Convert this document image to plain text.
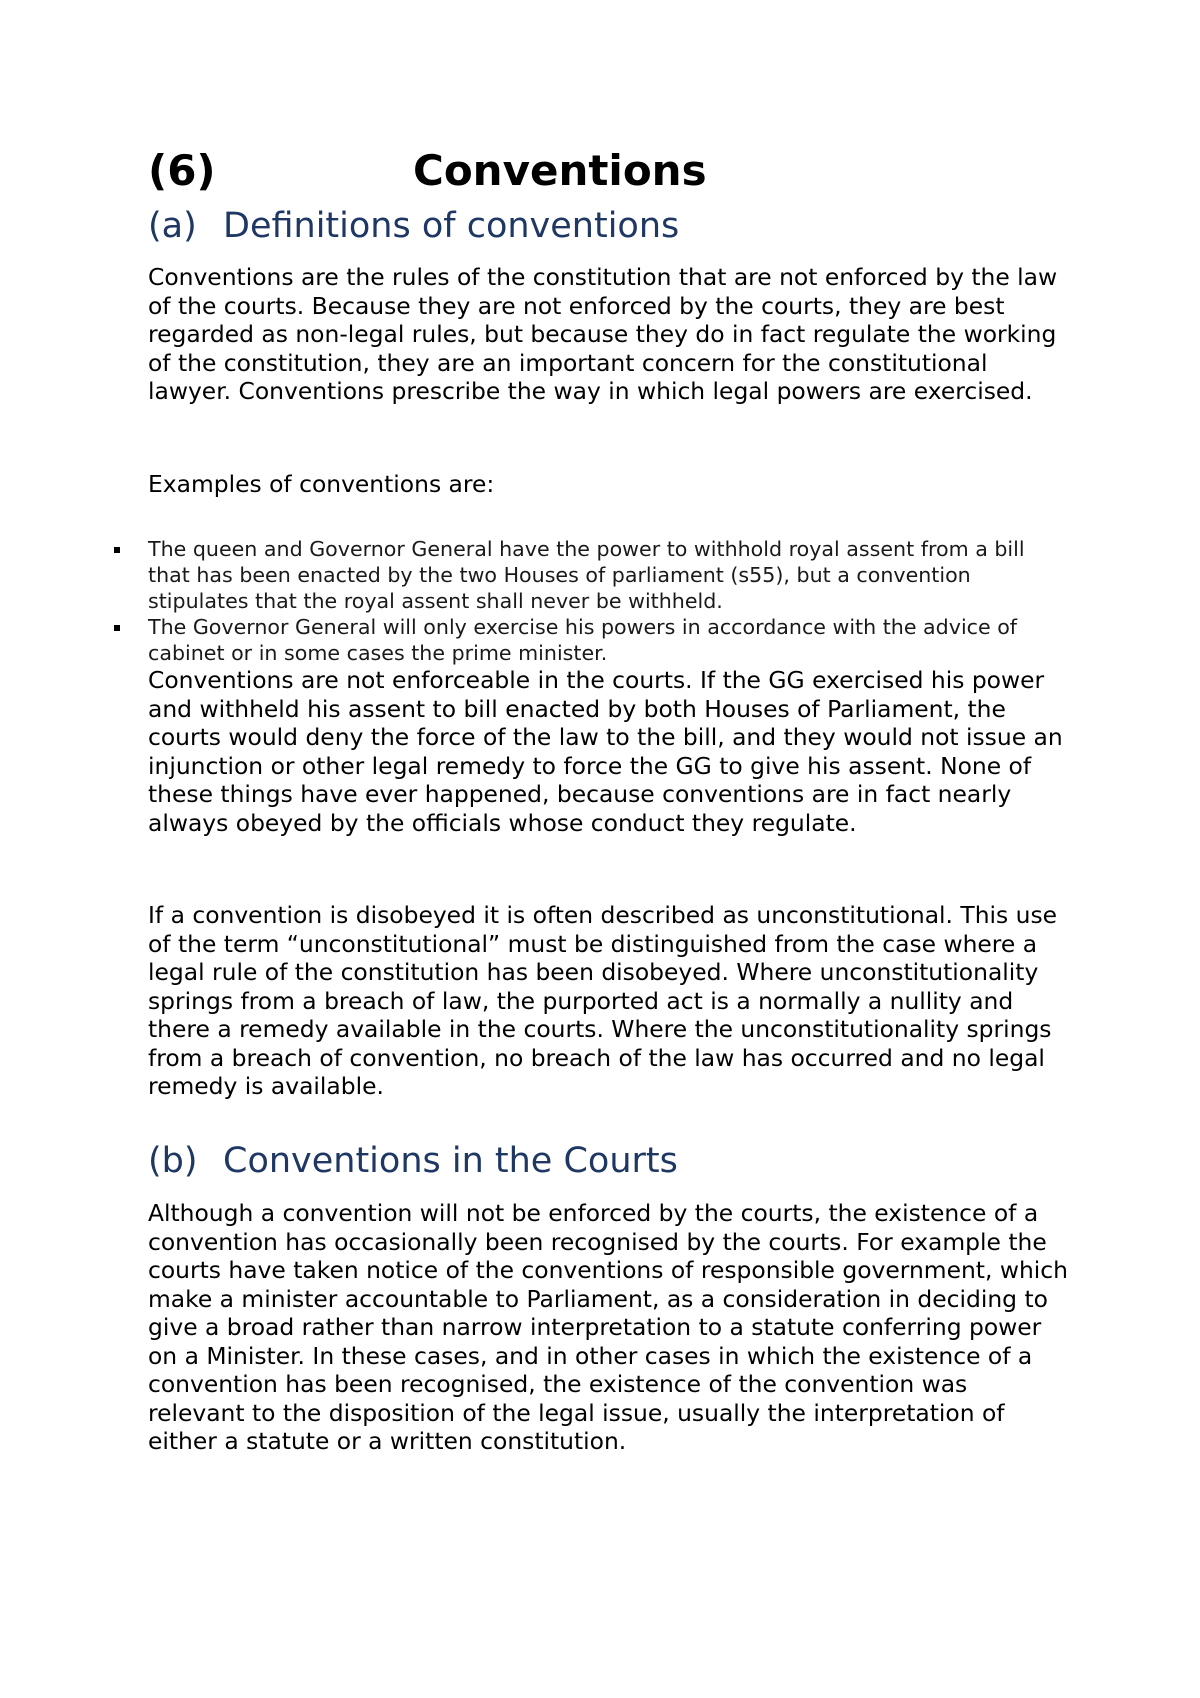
(6)	Conventions
(a) Definitions of conventions

Conventions are the rules of the constitution that are not enforced by the law of the courts. Because they are not enforced by the courts, they are best regarded as non-legal rules, but because they do in fact regulate the working of the constitution, they are an important concern for the constitutional lawyer. Conventions prescribe the way in which legal powers are exercised.

Examples of conventions are:

The queen and Governor General have the power to withhold royal assent from a bill that has been enacted by the two Houses of parliament (s55), but a convention stipulates that the royal assent shall never be withheld.
The Governor General will only exercise his powers in accordance with the advice of cabinet or in some cases the prime minister.

Conventions are not enforceable in the courts. If the GG exercised his power and withheld his assent to bill enacted by both Houses of Parliament, the courts would deny the force of the law to the bill, and they would not issue an injunction or other legal remedy to force the GG to give his assent. None of these things have ever happened, because conventions are in fact nearly always obeyed by the officials whose conduct they regulate.

If a convention is disobeyed it is often described as unconstitutional. This use of the term “unconstitutional” must be distinguished from the case where a legal rule of the constitution has been disobeyed. Where unconstitutionality springs from a breach of law, the purported act is a normally a nullity and there a remedy available in the courts. Where the unconstitutionality springs from a breach of convention, no breach of the law has occurred and no legal remedy is available.

(b) Conventions in the Courts

Although a convention will not be enforced by the courts, the existence of a convention has occasionally been recognised by the courts. For example the courts have taken notice of the conventions of responsible government, which make a minister accountable to Parliament, as a consideration in deciding to give a broad rather than narrow interpretation to a statute conferring power on a Minister. In these cases, and in other cases in which the existence of a convention has been recognised, the existence of the convention was relevant to the disposition of the legal issue, usually the interpretation of either a statute or a written constitution.
